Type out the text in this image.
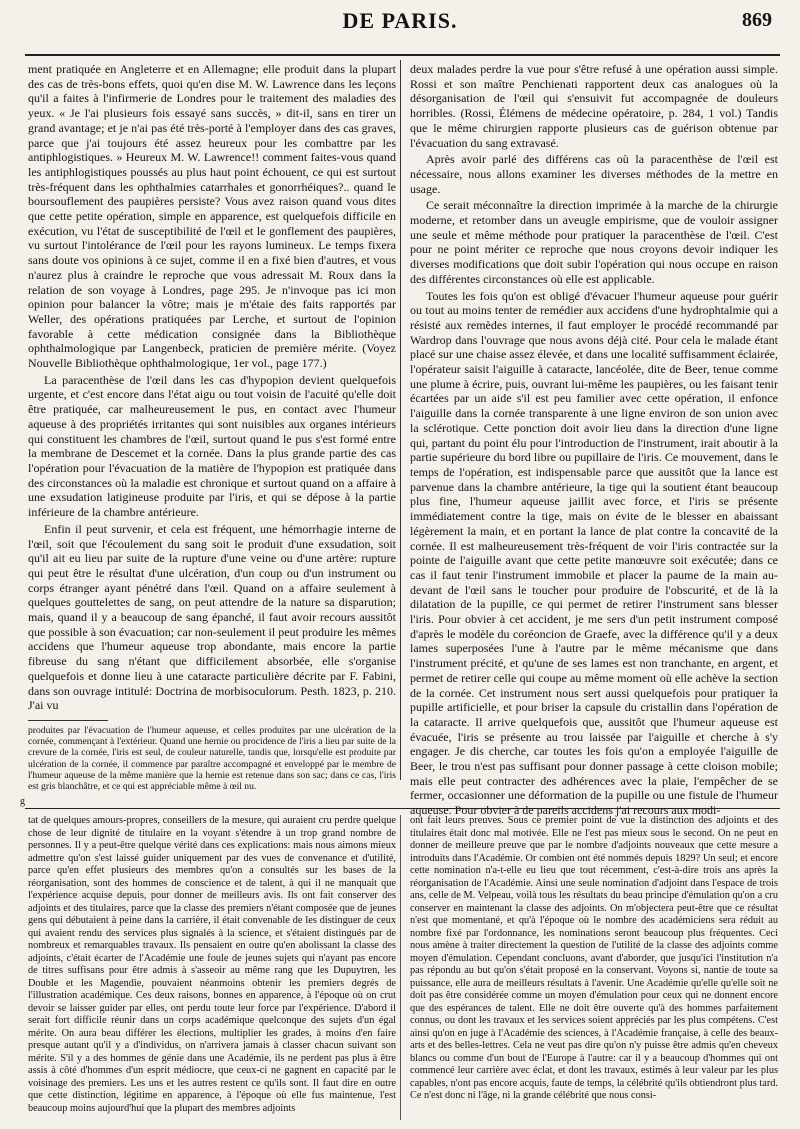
DE PARIS.	869

ment pratiquée en Angleterre et en Allemagne; elle produit dans la plupart des cas de très-bons effets, quoi qu'en dise M. W. Lawrence dans les leçons qu'il a faites à l'infirmerie de Londres pour le traitement des maladies des yeux. « Je l'ai plusieurs fois essayé sans succès, » dit-il, sans en tirer un grand avantage; et je n'ai pas été très-porté à l'employer dans des cas graves, parce que j'ai toujours été assez heureux pour les combattre par les antiphlogistiques. » Heureux M. W. Lawrence!! comment faites-vous quand les antiphlogistiques poussés au plus haut point échouent, ce qui est surtout très-fréquent dans les ophthalmies catarrhales et gonorrhéiques?.. quand le boursouflement des paupières persiste? Vous avez raison quand vous dites que cette petite opération, simple en apparence, est quelquefois difficile en exécution, vu l'état de susceptibilité de l'œil et le gonflement des paupières, vu surtout l'intolérance de l'œil pour les rayons lumineux. Le temps fixera sans doute vos opinions à ce sujet, comme il en a fixé bien d'autres, et vous n'aurez plus à craindre le reproche que vous adressait M. Roux dans la relation de son voyage à Londres, page 295. Je n'invoque pas ici mon opinion pour balancer la vôtre; mais je m'étaie des faits rapportés par Weller, des opérations pratiquées par Lerche, et surtout de l'opinion favorable à cette médication consignée dans la Bibliothèque ophthalmologique par Langenbeck, praticien de première mérite. (Voyez Nouvelle Bibliothèque ophthalmologique, 1er vol., page 177.)

La paracenthèse de l'œil dans les cas d'hypopion devient quelquefois urgente, et c'est encore dans l'état aigu ou tout voisin de l'acuité qu'elle doit être pratiquée, car malheureusement le pus, en contact avec l'humeur aqueuse à des propriétés irritantes qui sont nuisibles aux organes intérieurs qui constituent les chambres de l'œil, surtout quand le pus s'est formé entre la membrane de Descemet et la cornée. Dans la plus grande partie des cas l'opération pour l'évacuation de la matière de l'hypopion est pratiquée dans des circonstances où la maladie est chronique et surtout quand on a affaire à une exsudation latigineuse produite par l'iris, et qui se dépose à la partie inférieure de la chambre antérieure.

Enfin il peut survenir, et cela est fréquent, une hémorrhagie interne de l'œil, soit que l'écoulement du sang soit le produit d'une exsudation, soit qu'il ait eu lieu par suite de la rupture d'une veine ou d'une artère: rupture qui peut être le résultat d'une ulcération, d'un coup ou d'un instrument ou corps étranger ayant pénétré dans l'œil. Quand on a affaire seulement à quelques gouttelettes de sang, on peut attendre de la nature sa disparution; mais, quand il y a beaucoup de sang épanché, il faut avoir recours aussitôt que possible à son évacuation; car non-seulement il peut produire les mêmes accidens que l'humeur aqueuse trop abondante, mais encore la partie fibreuse du sang n'étant que difficilement absorbée, elle s'organise quelquefois et donne lieu à une cataracte particulière décrite par F. Fabini, dans son ouvrage intitulé: Doctrina de morbisoculorum. Pesth. 1823, p. 210. J'ai vu

deux malades perdre la vue pour s'être refusé à une opération aussi simple. Rossi et son maître Penchienati rapportent deux cas analogues où la désorganisation de l'œil qui s'ensuivit fut accompagnée de douleurs horribles. (Rossi, Élémens de médecine opératoire, p. 284, 1 vol.) Tandis que le même chirurgien rapporte plusieurs cas de guérison obtenue par l'évacuation du sang extravasé.

Après avoir parlé des différens cas où la paracenthèse de l'œil est nécessaire, nous allons examiner les diverses méthodes de la mettre en usage.

Ce serait méconnaître la direction imprimée à la marche de la chirurgie moderne, et retomber dans un aveugle empirisme, que de vouloir assigner une seule et même méthode pour pratiquer la paracenthèse de l'œil. C'est pour ne point mériter ce reproche que nous croyons devoir indiquer les diverses modifications que doit subir l'opération qui nous occupe en raison des différentes circonstances où elle est applicable.

Toutes les fois qu'on est obligé d'évacuer l'humeur aqueuse pour guérir ou tout au moins tenter de remédier aux accidens d'une hydrophtalmie qui a résisté aux remèdes internes, il faut employer le procédé recommandé par Wardrop dans l'ouvrage que nous avons déjà cité. Pour cela le malade étant placé sur une chaise assez élevée, et dans une localité suffisamment éclairée, l'opérateur saisit l'aiguille à cataracte, lancéolée, dite de Beer, tenue comme une plume à écrire, puis, ouvrant lui-même les paupières, ou les faisant tenir écartées par un aide s'il est peu familier avec cette opération, il enfonce l'aiguille dans la cornée transparente à une ligne environ de son union avec la sclérotique. Cette ponction doit avoir lieu dans la direction d'une ligne qui, partant du point élu pour l'introduction de l'instrument, irait aboutir à la partie supérieure du bord libre ou pupillaire de l'iris. Ce mouvement, dans le temps de l'opération, est indispensable parce que aussitôt que la lance est parvenue dans la chambre antérieure, la tige qui la soutient étant beaucoup plus fine, l'humeur aqueuse jaillit avec force, et l'iris se présente immédiatement contre la tige, mais on évite de le blesser en abaissant légèrement la main, et en portant la lance de plat contre la concavité de la cornée. Il est malheureusement très-fréquent de voir l'iris contractée sur la pointe de l'aiguille avant que cette petite manœuvre soit exécutée; dans ce cas il faut tenir l'instrument immobile et placer la paume de la main au-devant de l'œil sans le toucher pour produire de l'obscurité, et de là la dilatation de la pupille, ce qui permet de retirer l'instrument sans blesser l'iris. Pour obvier à cet accident, je me sers d'un petit instrument composé d'après le modèle du coréoncion de Graefe, avec la différence qu'il y a deux lames superposées l'une à l'autre par le même mécanisme que dans l'instrument précité, et qu'une de ses lames est non tranchante, en argent, et permet de retirer celle qui coupe au même moment où elle achève la section de la cornée. Cet instrument nous sert aussi quelquefois pour pratiquer la pupille artificielle, et pour briser la capsule du cristallin dans l'opération de la cataracte. Il arrive quelquefois que, aussitôt que l'humeur aqueuse est évacuée, l'iris se présente au trou laissée par l'aiguille et cherche à s'y engager. Je dis cherche, car toutes les fois qu'on a employée l'aiguille de Beer, le trou n'est pas suffisant pour donner passage à cette cloison mobile; mais elle peut contracter des adhérences avec la plaie, l'empêcher de se fermer, occasionner une déformation de la pupille ou une fistule de l'humeur aqueuse. Pour obvier à de pareils accidens j'ai recours aux modi-

produites par l'évacuation de l'humeur aqueuse, et celles produites par une ulcération de la cornée, commençant à l'extérieur. Quand une hernie ou procidence de l'iris a lieu par suite de la crevure de la cornée, l'iris est seul, de couleur naturelle, tandis que, lorsqu'elle est produite par ulcération de la cornée, il commence par paraître accompagné et enveloppé par le membre de l'humeur aqueuse de la même manière que la hernie est retenue dans son sac; dans ce cas, l'iris est gris blanchâtre, et ce qui est appréciable même à œil nu.
g

tat de quelques amours-propres, conseillers de la mesure, qui auraient cru perdre quelque chose de leur dignité de titulaire en la voyant s'étendre à un trop grand nombre de personnes. Il y a peut-être quelque vérité dans ces explications: mais nous aimons mieux admettre qu'on s'est laissé guider uniquement par des vues de convenance et d'utilité, parce qu'en effet plusieurs des membres qu'on a consultés sur les bases de la réorganisation, sont des hommes de conscience et de talent, à qui il ne manquait que l'expérience acquise depuis, pour donner de meilleurs avis. Ils ont fait conserver des adjoints et des titulaires, parce que la classe des premiers n'étant composée que de jeunes gens qui débutaient à peine dans la carrière, il était convenable de les distinguer de ceux qui avaient rendu des services plus signalés à la science, et s'étaient distingués par de nombreux et remarquables travaux. Ils pensaient en outre qu'en abolissant la classe des adjoints, c'était écarter de l'Académie une foule de jeunes sujets qui n'ayant pas encore de titres suffisans pour être admis à s'asseoir au même rang que les Dupuytren, les Double et les Magendie, pouvaient néanmoins obtenir les premiers degrés de l'illustration académique. Ces deux raisons, bonnes en apparence, à l'époque où on crut devoir se laisser guider par elles, ont perdu toute leur force par l'expérience. D'abord il serait fort difficile réunir dans un corps académique quelconque des sujets d'un égal mérite. On aura beau différer les élections, multiplier les grades, à moins d'en faire presque autant qu'il y a d'individus, on n'arrivera jamais à classer chacun suivant son mérite. S'il y a des hommes de génie dans une Académie, ils ne perdent pas plus à être assis à côté d'hommes d'un esprit médiocre, que ceux-ci ne gagnent en capacité par le voisinage des premiers. Les uns et les autres restent ce qu'ils sont. Il faut dire en outre que cette distinction, légitime en apparence, à l'époque où elle fus maintenue, l'est beaucoup moins aujourd'hui que la plupart des membres adjoints

ont fait leurs preuves. Sous ce premier point de vue la distinction des adjoints et des titulaires était donc mal motivée. Elle ne l'est pas mieux sous le second. On ne peut en donner de meilleure preuve que par le nombre d'adjoints nouveaux que cette mesure a introduits dans l'Académie. Or combien ont été nommés depuis 1829? Un seul; et encore cette nomination n'a-t-elle eu lieu que tout récemment, c'est-à-dire trois ans après la réorganisation de l'Académie. Ainsi une seule nomination d'adjoint dans l'espace de trois ans, celle de M. Velpeau, voilà tous les résultats du beau principe d'émulation qu'on a cru conserver en maintenant la classe des adjoints. On m'objectera peut-être que ce résultat n'est que momentané, et qu'à l'époque où le nombre des académiciens sera réduit au nombre fixé par l'ordonnance, les nominations seront beaucoup plus fréquentes. Ceci nous amène à traiter directement la question de l'utilité de la classe des adjoints comme moyen d'émulation. Cependant concluons, avant d'aborder, que jusqu'ici l'institution n'a pas répondu au but qu'on s'était proposé en la conservant. Voyons si, nantie de toute sa puissance, elle aura de meilleurs résultats à l'avenir. Une Académie qu'elle qu'elle soit ne doit pas être considérée comme un moyen d'émulation pour ceux qui ne donnent encore que des espérances de talent. Elle ne doit être ouverte qu'à des hommes parfaitement connus, ou dont les travaux et les services soient appréciés par les plus compétens. C'est ainsi qu'on en juge à l'Académie des sciences, à l'Académie française, à celle des beaux-arts et des belles-lettres. Cela ne veut pas dire qu'on n'y puisse être admis qu'en cheveux blancs ou comme d'un bout de l'Europe à l'autre: car il y a beaucoup d'hommes qui ont commencé leur carrière avec éclat, et dont les travaux, estimés à leur valeur par les plus capables, n'ont pas encore acquis, faute de temps, la célébrité qu'ils obtiendront plus tard. Ce n'est donc ni l'âge, ni la grande célébrité que nous consi-
